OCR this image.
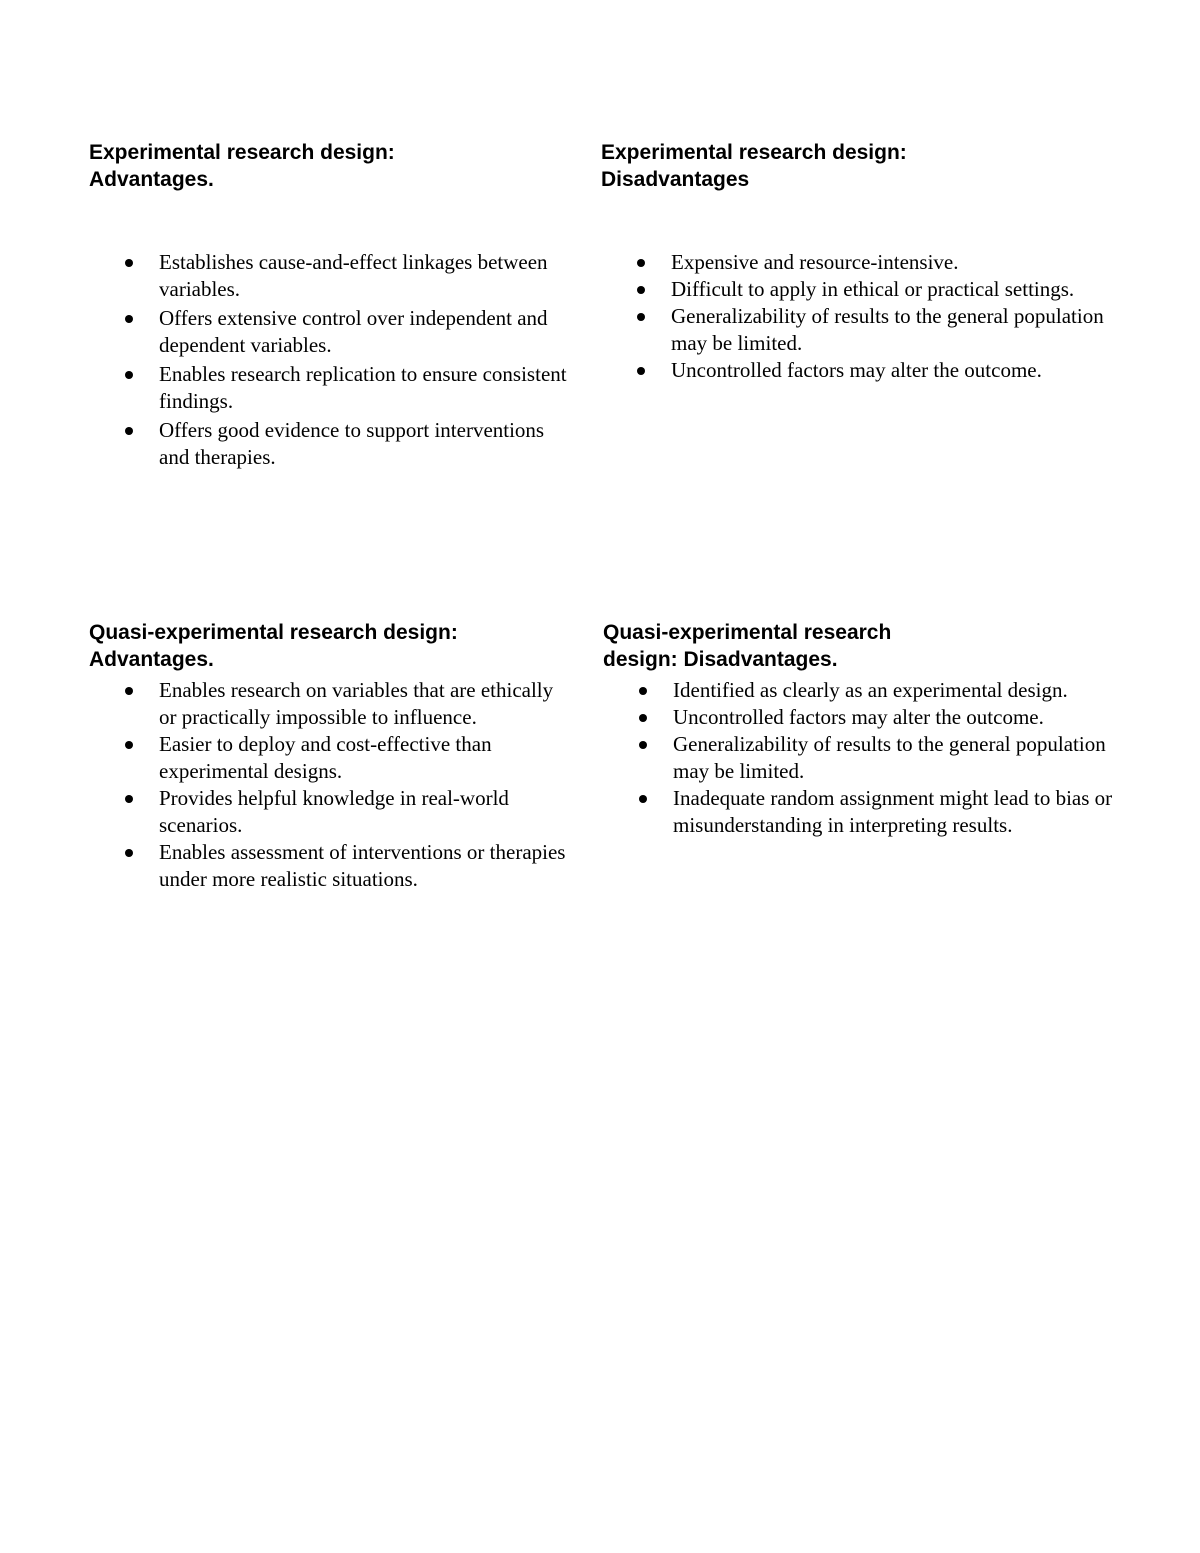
Experimental research design:
Advantages.
Establishes cause-and-effect linkages between variables.
Offers extensive control over independent and dependent variables.
Enables research replication to ensure consistent findings.
Offers good evidence to support interventions and therapies.
Experimental research design:
Disadvantages
Expensive and resource-intensive.
Difficult to apply in ethical or practical settings.
Generalizability of results to the general population may be limited.
Uncontrolled factors may alter the outcome.
Quasi-experimental research design:
Advantages.
Enables research on variables that are ethically or practically impossible to influence.
Easier to deploy and cost-effective than experimental designs.
Provides helpful knowledge in real-world scenarios.
Enables assessment of interventions or therapies under more realistic situations.
Quasi-experimental research
design: Disadvantages.
Identified as clearly as an experimental design.
Uncontrolled factors may alter the outcome.
Generalizability of results to the general population may be limited.
Inadequate random assignment might lead to bias or misunderstanding in interpreting results.
